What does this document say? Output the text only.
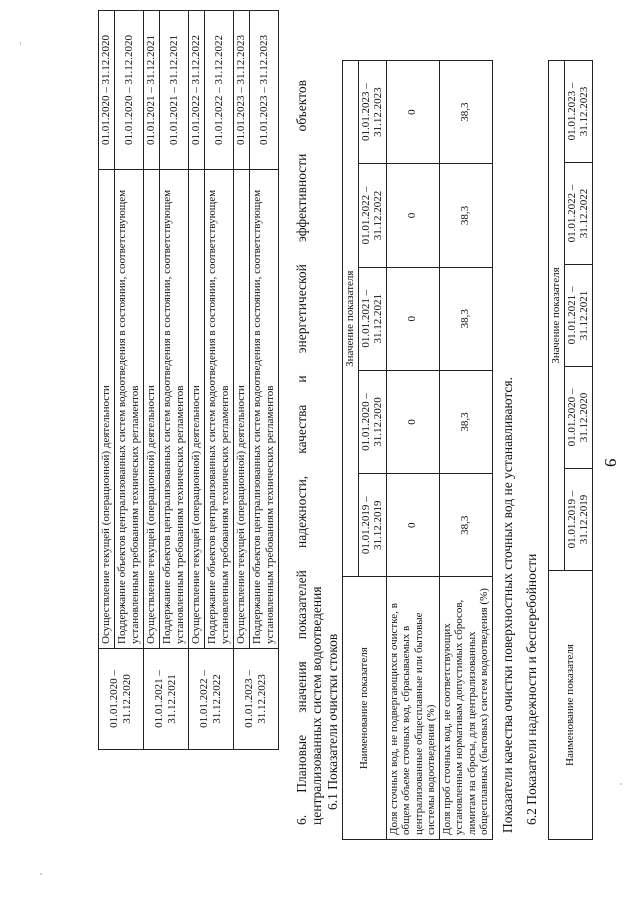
9
01.01.2020 –
31.12.2020	Осуществление текущей (операционной) деятельности	01.01.2020 – 31.12.2020
	Поддержание объектов централизованных систем водоотведения в состоянии, соответствующем установленным требованиям технических регламентов	01.01.2020 – 31.12.2020
01.01.2021 –
31.12.2021	Осуществление текущей (операционной) деятельности	01.01.2021 – 31.12.2021
	Поддержание объектов централизованных систем водоотведения в состоянии, соответствующем установленным требованиям технических регламентов	01.01.2021 – 31.12.2021
01.01.2022 –
31.12.2022	Осуществление текущей (операционной) деятельности	01.01.2022 – 31.12.2022
	Поддержание объектов централизованных систем водоотведения в состоянии, соответствующем установленным требованиям технических регламентов	01.01.2022 – 31.12.2022
01.01.2023 –
31.12.2023	Осуществление текущей (операционной) деятельности	01.01.2023 – 31.12.2023
	Поддержание объектов централизованных систем водоотведения в состоянии, соответствующем установленным требованиям технических регламентов	01.01.2023 – 31.12.2023 6. Плановые значения показателей надежности, качества и энергетической эффективности объектов централизованных систем водоотведения 6.1 Показатели очистки стоков Наименование показателя	Значение показателя				
	01.01.2019 –
31.12.2019	01.01.2020 –
31.12.2020	01.01.2021 –
31.12.2021	01.01.2022 –
31.12.2022	01.01.2023 –
31.12.2023
Доля сточных вод, не подвергающихся очистке, в общем объеме сточных вод, сбрасываемых в централизованные общесплавные или бытовые системы водоотведения (%)	0	0	0	0	0
Доля проб сточных вод, не соответствующих установленным нормативам допустимых сбросов, лимитам на сбросы, для централизованных общесплавных (бытовых) систем водоотведения (%)	38,3	38,3	38,3	38,3	38,3
Показатели качества очистки поверхностных сточных вод не устанавливаются. 6.2 Показатели надежности и бесперебойности Наименование показателя	Значение показателя				
	01.01.2019 –
31.12.2019	01.01.2020 –
31.12.2020	01.01.2021 –
31.12.2021	01.01.2022 –
31.12.2022	01.01.2023 –
31.12.2023
